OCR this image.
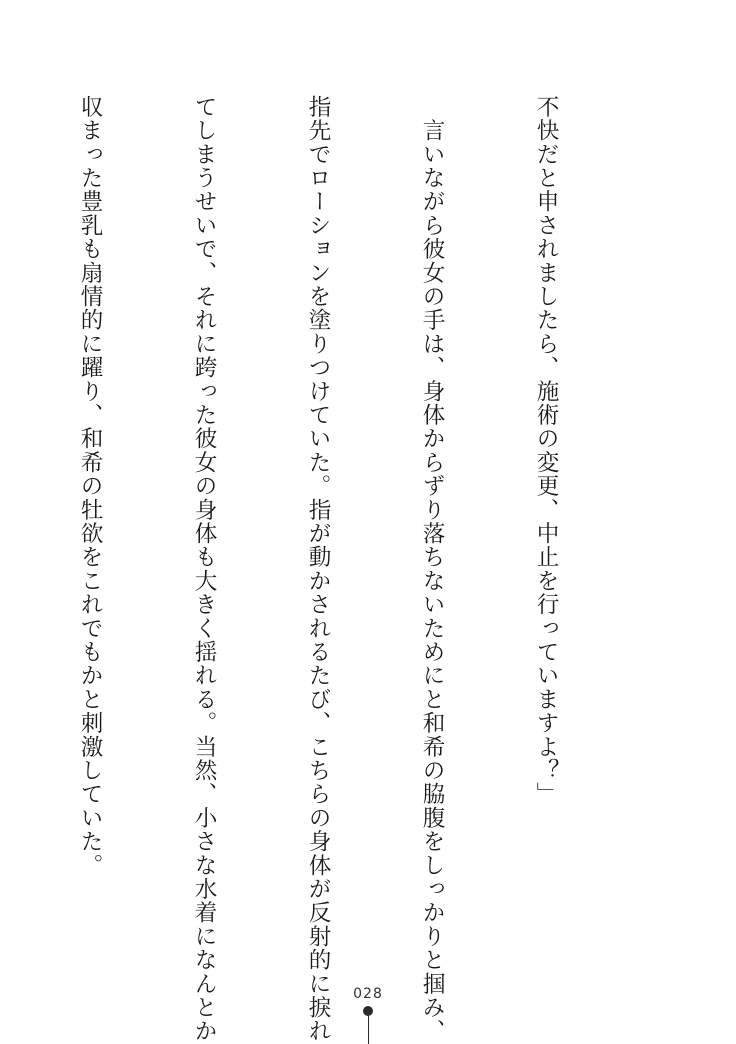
不快だと申されましたら、施術の変更、中止を行っていますよ？」

　言いながら彼女の手は、身体からずり落ちないためにと和希の脇腹をしっかりと掴み、

指先でローションを塗りつけていた。指が動かされるたび、こちらの身体が反射的に捩れ

てしまうせいで、それに跨った彼女の身体も大きく揺れる。当然、小さな水着になんとか

収まった豊乳も扇情的に躍り、和希の牡欲をこれでもかと刺激していた。

028
